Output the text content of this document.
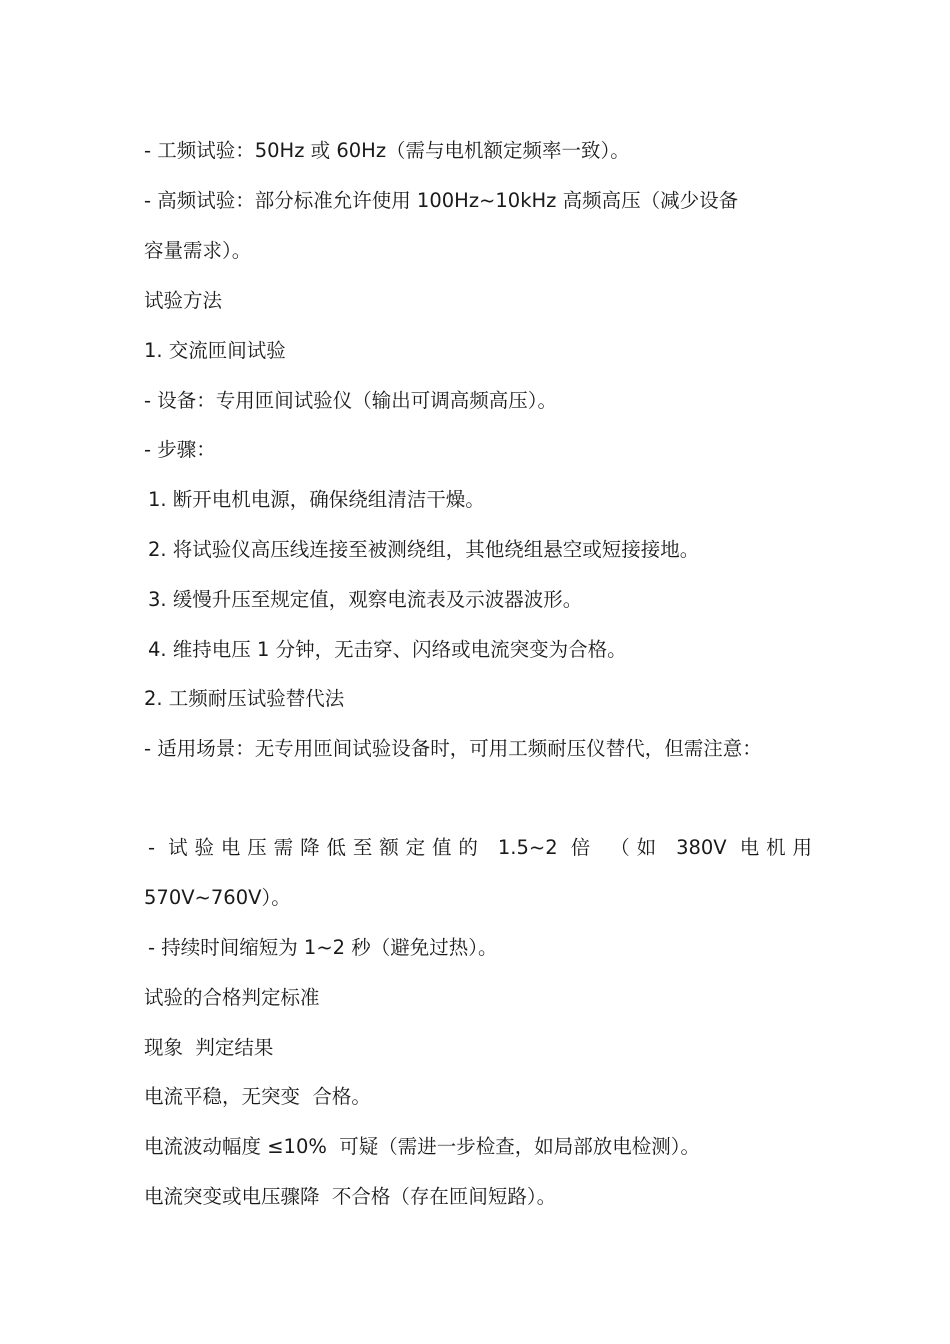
- 工频试验：50Hz 或 60Hz（需与电机额定频率一致）。
- 高频试验：部分标准允许使用 100Hz~10kHz 高频高压（减少设备
容量需求）。
试验方法
1. 交流匝间试验
- 设备：专用匝间试验仪（输出可调高频高压）。
- 步骤：
1. 断开电机电源，确保绕组清洁干燥。
2. 将试验仪高压线连接至被测绕组，其他绕组悬空或短接接地。
3. 缓慢升压至规定值，观察电流表及示波器波形。
4. 维持电压 1 分钟，无击穿、闪络或电流突变为合格。
2. 工频耐压试验替代法
- 适用场景：无专用匝间试验设备时，可用工频耐压仪替代，但需注意：
- 试验电压需降低至额定值的 1.5~2 倍 （如 380V 电机用
570V~760V）。
- 持续时间缩短为 1~2 秒（避免过热）。
试验的合格判定标准
现象  判定结果
电流平稳，无突变  合格。
电流波动幅度 ≤10%  可疑（需进一步检查，如局部放电检测）。
电流突变或电压骤降  不合格（存在匝间短路）。
